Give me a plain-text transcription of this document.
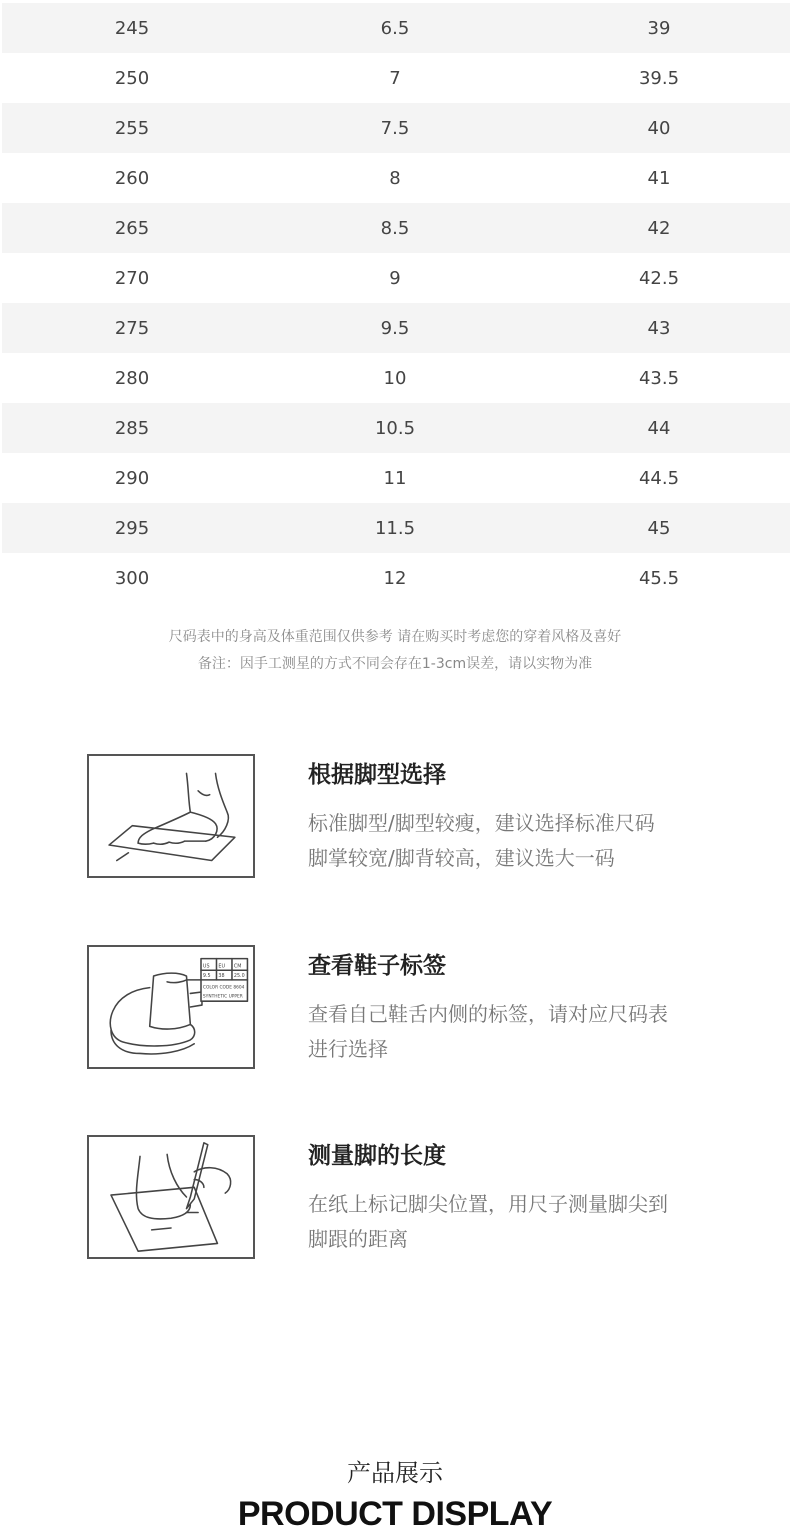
245	6.5	39
250	7	39.5
255	7.5	40
260	8	41
265	8.5	42
270	9	42.5
275	9.5	43
280	10	43.5
285	10.5	44
290	11	44.5
295	11.5	45
300	12	45.5
尺码表中的身高及体重范围仅供参考 请在购买时考虑您的穿着风格及喜好
备注：因手工测星的方式不同会存在1-3cm误差，请以实物为准
根据脚型选择
标准脚型/脚型较瘦，建议选择标准尺码
脚掌较宽/脚背较高，建议选大一码
US EU CM
9.5 38 25.0
COLOR CODE 8604
SYNTHETIC UPPER
查看鞋子标签
查看自己鞋舌内侧的标签，请对应尺码表
进行选择
测量脚的长度
在纸上标记脚尖位置，用尺子测量脚尖到
脚跟的距离
产品展示
PRODUCT DISPLAY
